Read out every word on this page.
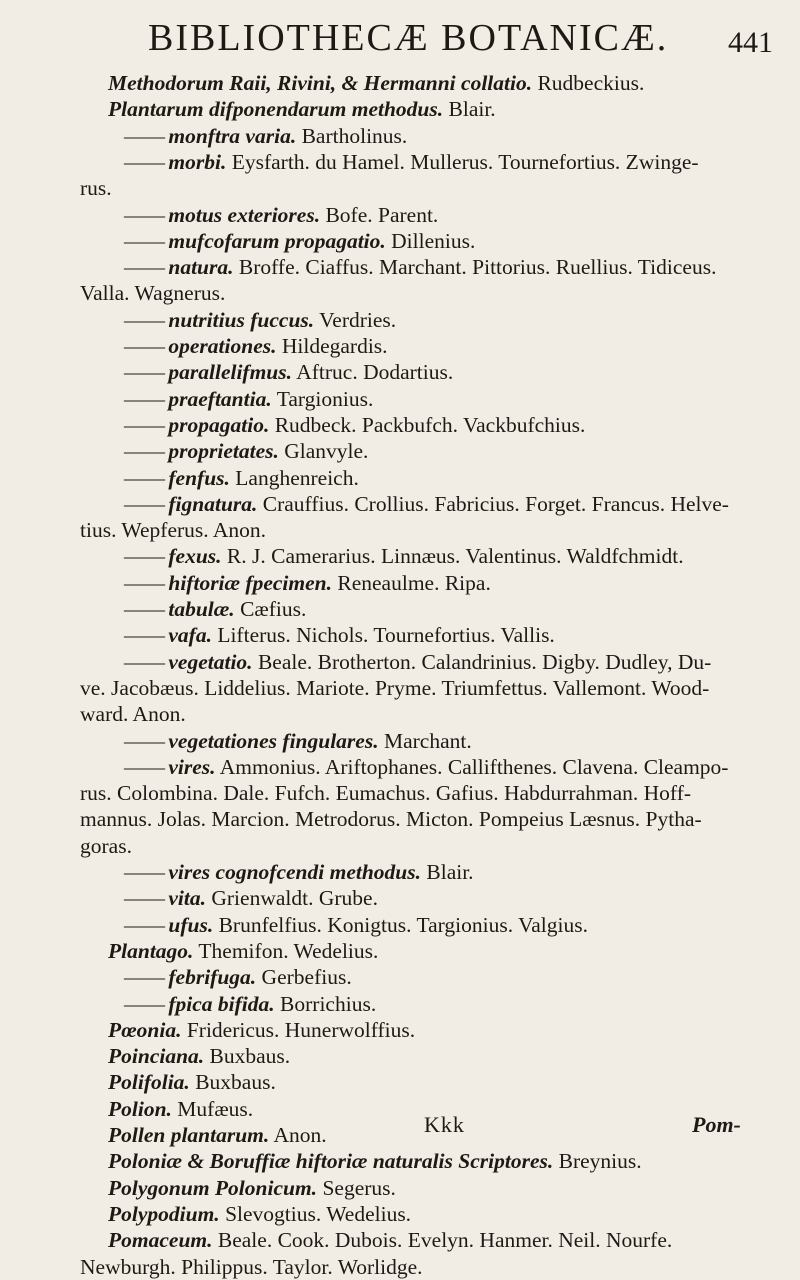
BIBLIOTHECÆ BOTANICÆ. 441
Methodorum Raii, Rivini, & Hermanni collatio. Rudbeckius.
Plantarum difponendarum methodus. Blair.
—— monftra varia. Bartholinus.
—— morbi. Eysfarth. du Hamel. Mullerus. Tournefortius. Zwinge-
rus.
—— motus exteriores. Bofe. Parent.
—— mufcofarum propagatio. Dillenius.
—— natura. Broffe. Ciaffus. Marchant. Pittorius. Ruellius. Tidiceus.
Valla. Wagnerus.
—— nutritius fuccus. Verdries.
—— operationes. Hildegardis.
—— parallelifmus. Aftruc. Dodartius.
—— praeftantia. Targionius.
—— propagatio. Rudbeck. Packbufch. Vackbufchius.
—— proprietates. Glanvyle.
—— fenfus. Langhenreich.
—— fignatura. Crauffius. Crollius. Fabricius. Forget. Francus. Helve-
tius. Wepferus. Anon.
—— fexus. R. J. Camerarius. Linnæus. Valentinus. Waldfchmidt.
—— hiftoriæ fpecimen. Reneaulme. Ripa.
—— tabulæ. Cæfius.
—— vafa. Lifterus. Nichols. Tournefortius. Vallis.
—— vegetatio. Beale. Brotherton. Calandrinius. Digby. Dudley, Du-
ve. Jacobæus. Liddelius. Mariote. Pryme. Triumfettus. Vallemont. Wood-
ward. Anon.
—— vegetationes fingulares. Marchant.
—— vires. Ammonius. Ariftophanes. Callifthenes. Clavena. Cleampo-
rus. Colombina. Dale. Fufch. Eumachus. Gafius. Habdurrahman. Hoff-
mannus. Jolas. Marcion. Metrodorus. Micton. Pompeius Læsnus. Pytha-
goras.
—— vires cognofcendi methodus. Blair.
—— vita. Grienwaldt. Grube.
—— ufus. Brunfelfius. Konigtus. Targionius. Valgius.
Plantago. Themifon. Wedelius.
—— febrifuga. Gerbefius.
—— fpica bifida. Borrichius.
Pœonia. Fridericus. Hunerwolffius.
Poinciana. Buxbaus.
Polifolia. Buxbaus.
Polion. Mufæus.
Pollen plantarum. Anon.
Poloniæ & Boruffiæ hiftoriæ naturalis Scriptores. Breynius.
Polygonum Polonicum. Segerus.
Polypodium. Slevogtius. Wedelius.
Pomaceum. Beale. Cook. Dubois. Evelyn. Hanmer. Neil. Nourfe.
Newburgh. Philippus. Taylor. Worlidge.
Kkk	Pom-
